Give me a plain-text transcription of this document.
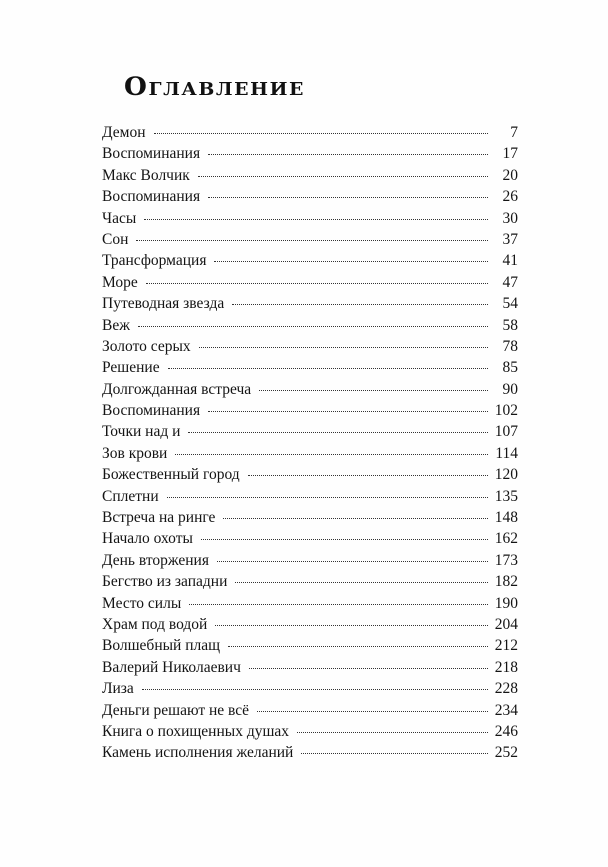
Оглавление
Демон	7
Воспоминания	17
Макс Волчик	20
Воспоминания	26
Часы	30
Сон	37
Трансформация	41
Море	47
Путеводная звезда	54
Веж	58
Золото серых	78
Решение	85
Долгожданная встреча	90
Воспоминания	102
Точки над и	107
Зов крови	114
Божественный город	120
Сплетни	135
Встреча на ринге	148
Начало охоты	162
День вторжения	173
Бегство из западни	182
Место силы	190
Храм под водой	204
Волшебный плащ	212
Валерий Николаевич	218
Лиза	228
Деньги решают не всё	234
Книга о похищенных душах	246
Камень исполнения желаний	252
